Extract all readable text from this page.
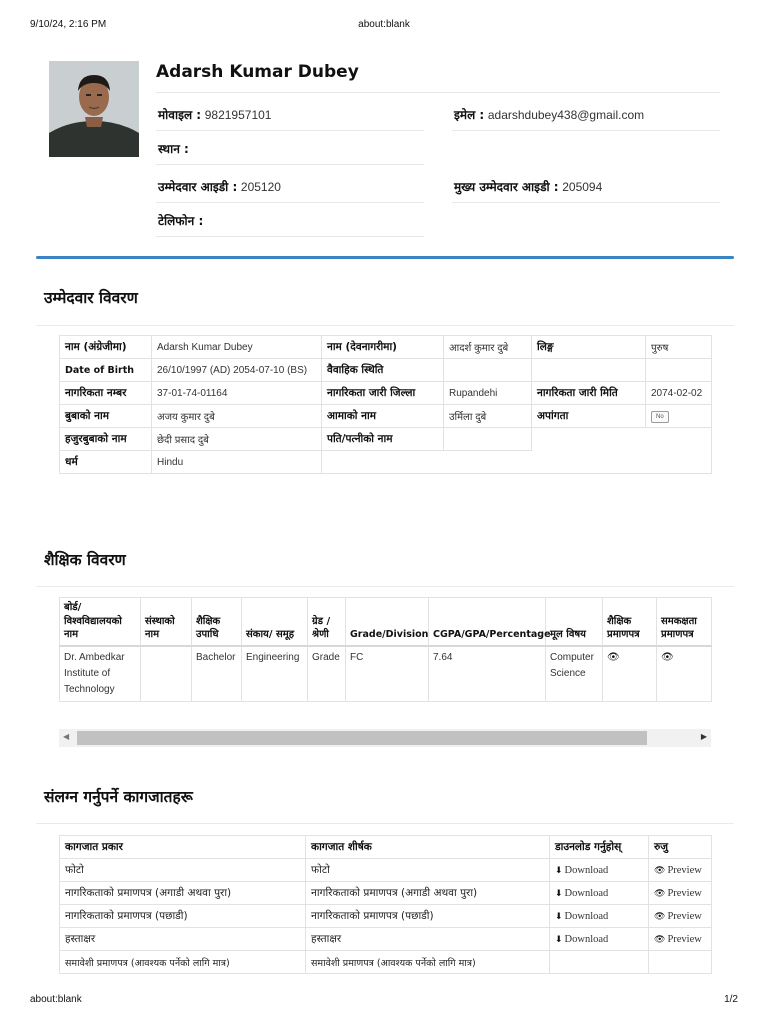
9/10/24, 2:16 PM	about:blank
Adarsh Kumar Dubey
मोवाइल : 9821957101	इमेल : adarshdubey438@gmail.com
स्थान :
उम्मेदवार आइडी : 205120	मुख्य उम्मेदवार आइडी : 205094
टेलिफोन :
उम्मेदवार विवरण
नाम (अंग्रेजीमा)	Adarsh Kumar Dubey	नाम (देवनागरीमा)	आदर्श कुमार दुबे	लिङ्ग	पुरुष
Date of Birth	26/10/1997 (AD) 2054-07-10 (BS)	वैवाहिक स्थिति			
नागरिकता नम्बर	37-01-74-01164	नागरिकता जारी जिल्ला	Rupandehi	नागरिकता जारी मिति	2074-02-02
बुबाको नाम	अजय कुमार दुबे	आमाको नाम	उर्मिला दुबे	अपांगता	No
हजुरबुबाको नाम	छेदी प्रसाद दुबे	पति/पत्नीको नाम			
धर्म	Hindu				
शैक्षिक विवरण
बोर्ड/ विश्वविद्यालयको नाम	संस्थाको नाम	शैक्षिक उपाधि	संकाय/ समूह	ग्रेड / श्रेणी	Grade/Division	CGPA/GPA/Percentage	मूल विषय	शैक्षिक प्रमाणपत्र	समकक्षता प्रमाणपत्र
Dr. Ambedkar Institute of Technology		Bachelor	Engineering	Grade	FC	7.64	Computer Science	👁	👁
◀	▶
संलग्न गर्नुपर्ने कागजातहरू
कागजात प्रकार	कागजात शीर्षक	डाउनलोड गर्नुहोस्	रुजु
फोटो	फोटो	⬇ Download	👁 Preview
नागरिकताको प्रमाणपत्र (अगाडी अथवा पुरा)	नागरिकताको प्रमाणपत्र (अगाडी अथवा पुरा)	⬇ Download	👁 Preview
नागरिकताको प्रमाणपत्र (पछाडी)	नागरिकताको प्रमाणपत्र (पछाडी)	⬇ Download	👁 Preview
हस्ताक्षर	हस्ताक्षर	⬇ Download	👁 Preview
समावेशी प्रमाणपत्र (आवश्यक पर्नेको लागि मात्र)	समावेशी प्रमाणपत्र (आवश्यक पर्नेको लागि मात्र)		
about:blank	1/2
